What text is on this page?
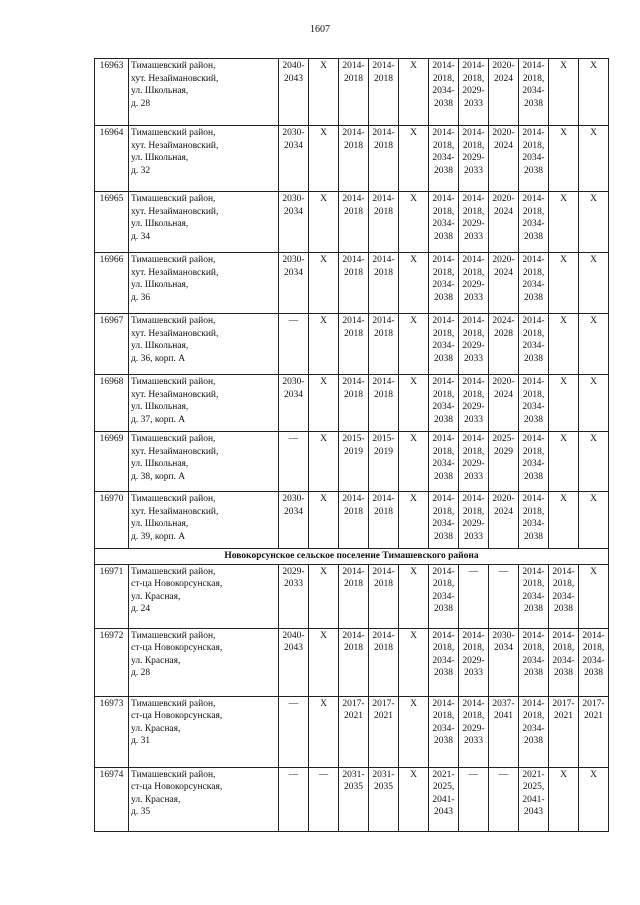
1607
16963	Тимашевский район,
хут. Незаймановский,
ул. Школьная,
д. 28	2040-
2043	Х	2014-
2018	2014-
2018	Х	2014-
2018,
2034-
2038	2014-
2018,
2029-
2033	2020-
2024	2014-
2018,
2034-
2038	Х	Х

16964	Тимашевский район,
хут. Незаймановский,
ул. Школьная,
д. 32	2030-
2034	Х	2014-
2018	2014-
2018	Х	2014-
2018,
2034-
2038	2014-
2018,
2029-
2033	2020-
2024	2014-
2018,
2034-
2038	Х	Х

16965	Тимашевский район,
хут. Незаймановский,
ул. Школьная,
д. 34	2030-
2034	Х	2014-
2018	2014-
2018	Х	2014-
2018,
2034-
2038	2014-
2018,
2029-
2033	2020-
2024	2014-
2018,
2034-
2038	Х	Х

16966	Тимашевский район,
хут. Незаймановский,
ул. Школьная,
д. 36	2030-
2034	Х	2014-
2018	2014-
2018	Х	2014-
2018,
2034-
2038	2014-
2018,
2029-
2033	2020-
2024	2014-
2018,
2034-
2038	Х	Х

16967	Тимашевский район,
хут. Незаймановский,
ул. Школьная,
д. 36, корп. А	—	Х	2014-
2018	2014-
2018	Х	2014-
2018,
2034-
2038	2014-
2018,
2029-
2033	2024-
2028	2014-
2018,
2034-
2038	Х	Х

16968	Тимашевский район,
хут. Незаймановский,
ул. Школьная,
д. 37, корп. А	2030-
2034	Х	2014-
2018	2014-
2018	Х	2014-
2018,
2034-
2038	2014-
2018,
2029-
2033	2020-
2024	2014-
2018,
2034-
2038	Х	Х

16969	Тимашевский район,
хут. Незаймановский,
ул. Школьная,
д. 38, корп. А	—	Х	2015-
2019	2015-
2019	Х	2014-
2018,
2034-
2038	2014-
2018,
2029-
2033	2025-
2029	2014-
2018,
2034-
2038	Х	Х

16970	Тимашевский район,
хут. Незаймановский,
ул. Школьная,
д. 39, корп. А	2030-
2034	Х	2014-
2018	2014-
2018	Х	2014-
2018,
2034-
2038	2014-
2018,
2029-
2033	2020-
2024	2014-
2018,
2034-
2038	Х	Х

Новокорсунское сельское поселение Тимашевского района												
16971	Тимашевский район,
ст-ца Новокорсунская,
ул. Красная,
д. 24	2029-
2033	Х	2014-
2018	2014-
2018	Х	2014-
2018,
2034-
2038	—	—	2014-
2018,
2034-
2038	2014-
2018,
2034-
2038	Х

16972	Тимашевский район,
ст-ца Новокорсунская,
ул. Красная,
д. 28	2040-
2043	Х	2014-
2018	2014-
2018	Х	2014-
2018,
2034-
2038	2014-
2018,
2029-
2033	2030-
2034	2014-
2018,
2034-
2038	2014-
2018,
2034-
2038	2014-
2018,
2034-
2038

16973	Тимашевский район,
ст-ца Новокорсунская,
ул. Красная,
д. 31	—	Х	2017-
2021	2017-
2021	Х	2014-
2018,
2034-
2038	2014-
2018,
2029-
2033	2037-
2041	2014-
2018,
2034-
2038	2017-
2021	2017-
2021

16974	Тимашевский район,
ст-ца Новокорсунская,
ул. Красная,
д. 35	—	—	2031-
2035	2031-
2035	Х	2021-
2025,
2041-
2043	—	—	2021-
2025,
2041-
2043	Х	Х
